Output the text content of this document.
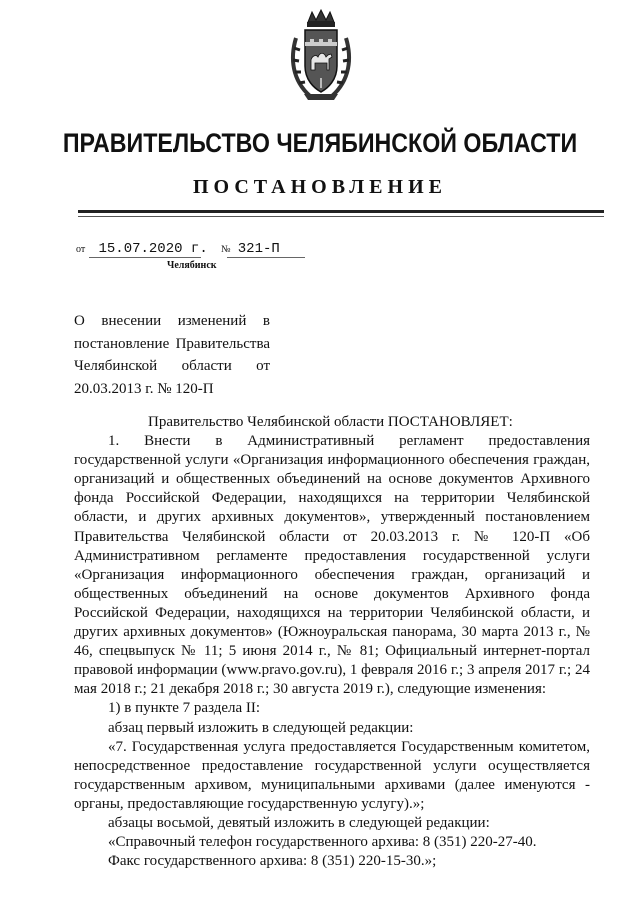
ПРАВИТЕЛЬСТВО ЧЕЛЯБИНСКОЙ ОБЛАСТИ
ПОСТАНОВЛЕНИЕ
от 15.07.2020 г. № 321-П
Челябинск
О внесении изменений в постановление Правительства Челябинской области от 20.03.2013 г. № 120-П

Правительство Челябинской области ПОСТАНОВЛЯЕТ:

1. Внести в Административный регламент предоставления государственной услуги «Организация информационного обеспечения граждан, организаций и общественных объединений на основе документов Архивного фонда Российской Федерации, находящихся на территории Челябинской области, и других архивных документов», утвержденный постановлением Правительства Челябинской области от 20.03.2013 г. № 120-П «Об Административном регламенте предоставления государственной услуги «Организация информационного обеспечения граждан, организаций и общественных объединений на основе документов Архивного фонда Российской Федерации, находящихся на территории Челябинской области, и других архивных документов» (Южноуральская панорама, 30 марта 2013 г., № 46, спецвыпуск № 11; 5 июня 2014 г., № 81; Официальный интернет-портал правовой информации (www.pravo.gov.ru), 1 февраля 2016 г.; 3 апреля 2017 г.; 24 мая 2018 г.; 21 декабря 2018 г.; 30 августа 2019 г.), следующие изменения:

1) в пункте 7 раздела II:

абзац первый изложить в следующей редакции:

«7. Государственная услуга предоставляется Государственным комитетом, непосредственное предоставление государственной услуги осуществляется государственным архивом, муниципальными архивами (далее именуются - органы, предоставляющие государственную услугу).»;

абзацы восьмой, девятый изложить в следующей редакции:

«Справочный телефон государственного архива: 8 (351) 220-27-40.

Факс государственного архива: 8 (351) 220-15-30.»;
